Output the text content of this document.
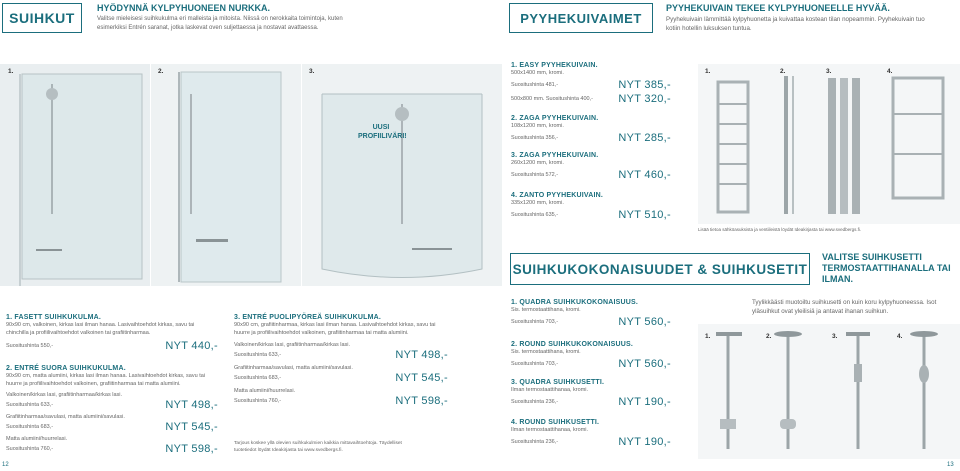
SUIHKUT
HYÖDYNNÄ KYLPYHUONEEN NURKKA.
Valitse mieleisesi suihkukulma eri malleista ja mitoista. Niissä on nerokkaita toimintoja, kuten esimerkiksi Entrén saranat, jotka laskevat oven suljettaessa ja nostavat avattaessa.
PYYHEKUIVAIMET
PYYHEKUIVAIN TEKEE KYLPYHUONEELLE HYVÄÄ.
Pyyhekuivain lämmittää kylpyhuonetta ja kuivattaa kostean tilan nopeammin. Pyyhekuivain tuo kotiin hotellin luksuksen tuntua.
1.	2.	3.
UUSI PROFIILIVÄRI!
1. EASY PYYHEKUIVAIN.
500x1400 mm, kromi.
Suositushinta 481,-	NYT 385,-
500x800 mm. Suositushinta 400,- NYT 320,-
2. ZAGA PYYHEKUIVAIN.
108x1200 mm, kromi.
Suositushinta 356,-	NYT 285,-
3. ZAGA PYYHEKUIVAIN.
260x1200 mm, kromi.
Suositushinta 572,-	NYT 460,-
4. ZANTO PYYHEKUIVAIN.
335x1200 mm, kromi.
Suositushinta 635,-	NYT 510,-
1.	2.	3.	4.
Lisää tietoa sähköasuksista ja ventiileistä löydät Ideakirjasta tai www.svedbergs.fi.
SUIHKUKOKONAISUUDET & SUIHKUSETIT
VALITSE SUIHKUSETTI TERMOSTAATTIHANALLA TAI ILMAN.
1. FASETT SUIHKUKULMA.
90x90 cm, valkoinen, kirkas lasi ilman hanaa. Lasivaihtoehdot kirkas, savu tai chinchilla ja profiilivaihtoehdot valkoinen tai grafiitinharmaa.
Suositushinta 550,-	NYT 440,-
2. ENTRÉ SUORA SUIHKUKULMA.
90x90 cm, matta alumiini, kirkas lasi ilman hanaa. Lasivaihtoehdot kirkas, savu tai huurre ja profiilivaihtoehdot valkoinen, grafiitinharmaa tai matta alumiini.
Valkoinen/kirkas lasi, grafiitinharmaa/kirkas lasi.
Suositushinta 633,-	NYT 498,-
Grafiitinharmaa/savulasi, matta alumiini/savulasi.
Suositushinta 683,-	NYT 545,-
Matta alumiini/huurrelasi.
Suositushinta 760,-	NYT 598,-
3. ENTRÉ PUOLIPYÖREÄ SUIHKUKULMA.
90x90 cm, grafiitinharmaa, kirkas lasi ilman hanaa. Lasivaihtoehdot kirkas, savu tai huurre ja profiilivaihtoehdot valkoinen, grafiitinharmaa tai matta alumiini.
Valkoinen/kirkas lasi, grafiitinharmaa/kirkas lasi.
Suositushinta 633,-	NYT 498,-
Grafiitinharmaa/savulasi, matta alumiini/savulasi.
Suositushinta 683,-	NYT 545,-
Matta alumiini/huurrelasi.
Suositushinta 760,-	NYT 598,-
Tarjous koskee yllä olevien suihkukulmien kaikkia mittavaihtoehtoja. Täydelliset tuotetiedot löydät Ideakirjasta tai www.svedbergs.fi.
1. QUADRA SUIHKUKOKONAISUUS.
Sis. termostaattihana, kromi.
Suositushinta 703,-	NYT 560,-
2. ROUND SUIHKUKOKONAISUUS.
Sis. termostaattihana, kromi.
Suositushinta 703,-	NYT 560,-
3. QUADRA SUIHKUSETTI.
Ilman termostaattihanaa, kromi.
Suositushinta 236,-	NYT 190,-
4. ROUND SUIHKUSETTI.
Ilman termostaattihanaa, kromi.
Suositushinta 236,-	NYT 190,-
Tyylikkäästi muotoiltu suihkusetti on kuin koru kylpyhuoneessa. Isot yläsuihkut ovat yleilisiä ja antavat ihanan suihkun.
1.	2.	3.	4.
12	13
